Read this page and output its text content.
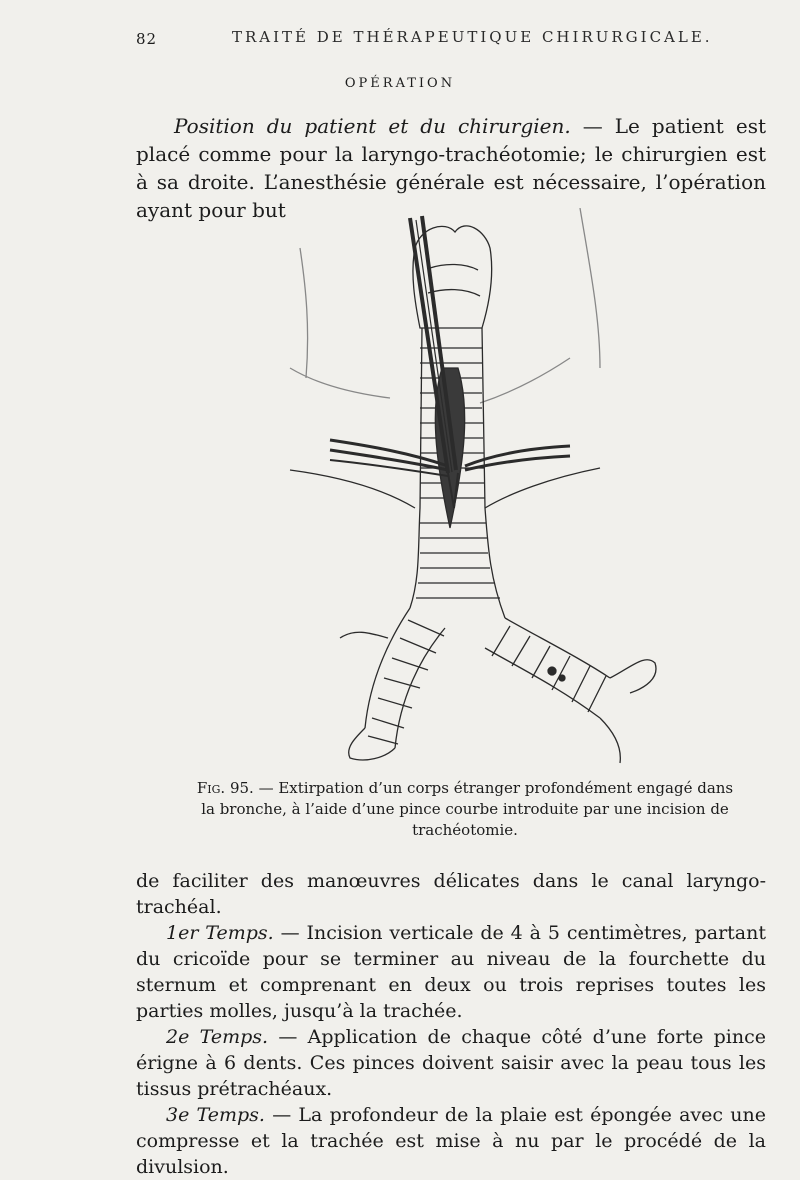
82	TRAITÉ DE THÉRAPEUTIQUE CHIRURGICALE.
OPÉRATION
Position du patient et du chirurgien. — Le patient est placé comme pour la laryngo-trachéotomie; le chirurgien est à sa droite. L’anesthésie générale est nécessaire, l’opération ayant pour but
Fig. 95. — Extirpation d’un corps étranger profondément engagé dans la bronche, à l’aide d’une pince courbe introduite par une incision de trachéotomie.
de faciliter des manœuvres délicates dans le canal laryngo-trachéal.
1er Temps. — Incision verticale de 4 à 5 centimètres, partant du cricoïde pour se terminer au niveau de la fourchette du sternum et comprenant en deux ou trois reprises toutes les parties molles, jusqu’à la trachée.
2e Temps. — Application de chaque côté d’une forte pince érigne à 6 dents. Ces pinces doivent saisir avec la peau tous les tissus prétrachéaux.
3e Temps. — La profondeur de la plaie est épongée avec une compresse et la trachée est mise à nu par le procédé de la divulsion.
